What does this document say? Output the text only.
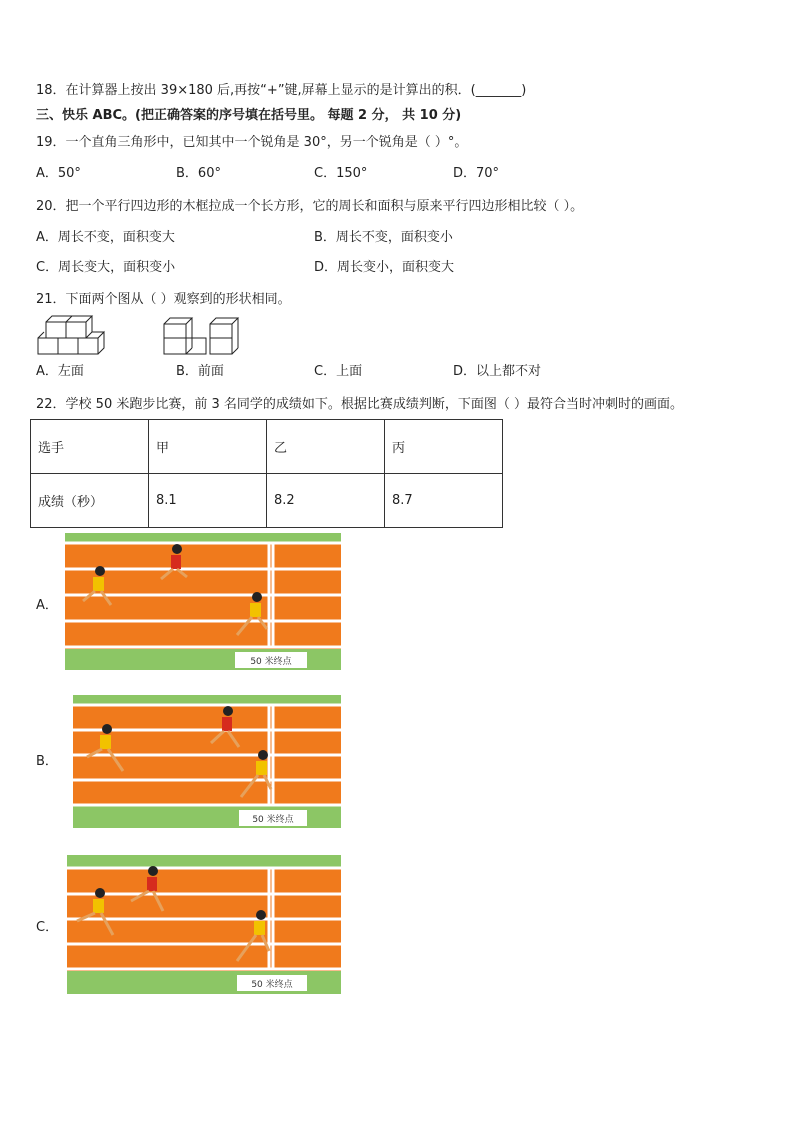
18．在计算器上按出 39×180 后,再按“+”键,屏幕上显示的是计算出的积．(_______)
三、快乐 ABC。(把正确答案的序号填在括号里。 每题 2 分， 共 10 分)
19．一个直角三角形中，已知其中一个锐角是 30°，另一个锐角是（ ）°。
A．50°	B．60°	C．150°	D．70°
20．把一个平行四边形的木框拉成一个长方形，它的周长和面积与原来平行四边形相比较（ ）。
A．周长不变，面积变大	B．周长不变，面积变小
C．周长变大，面积变小	D．周长变小，面积变大
21．下面两个图从（ ）观察到的形状相同。
A．左面	B．前面	C．上面	D．以上都不对
22．学校 50 米跑步比赛，前 3 名同学的成绩如下。根据比赛成绩判断，下面图（ ）最符合当时冲刺时的画面。
选手	甲	乙	丙
成绩（秒）	8.1	8.2	8.7
A．
50 米终点
B．
50 米终点
C．
50 米终点
